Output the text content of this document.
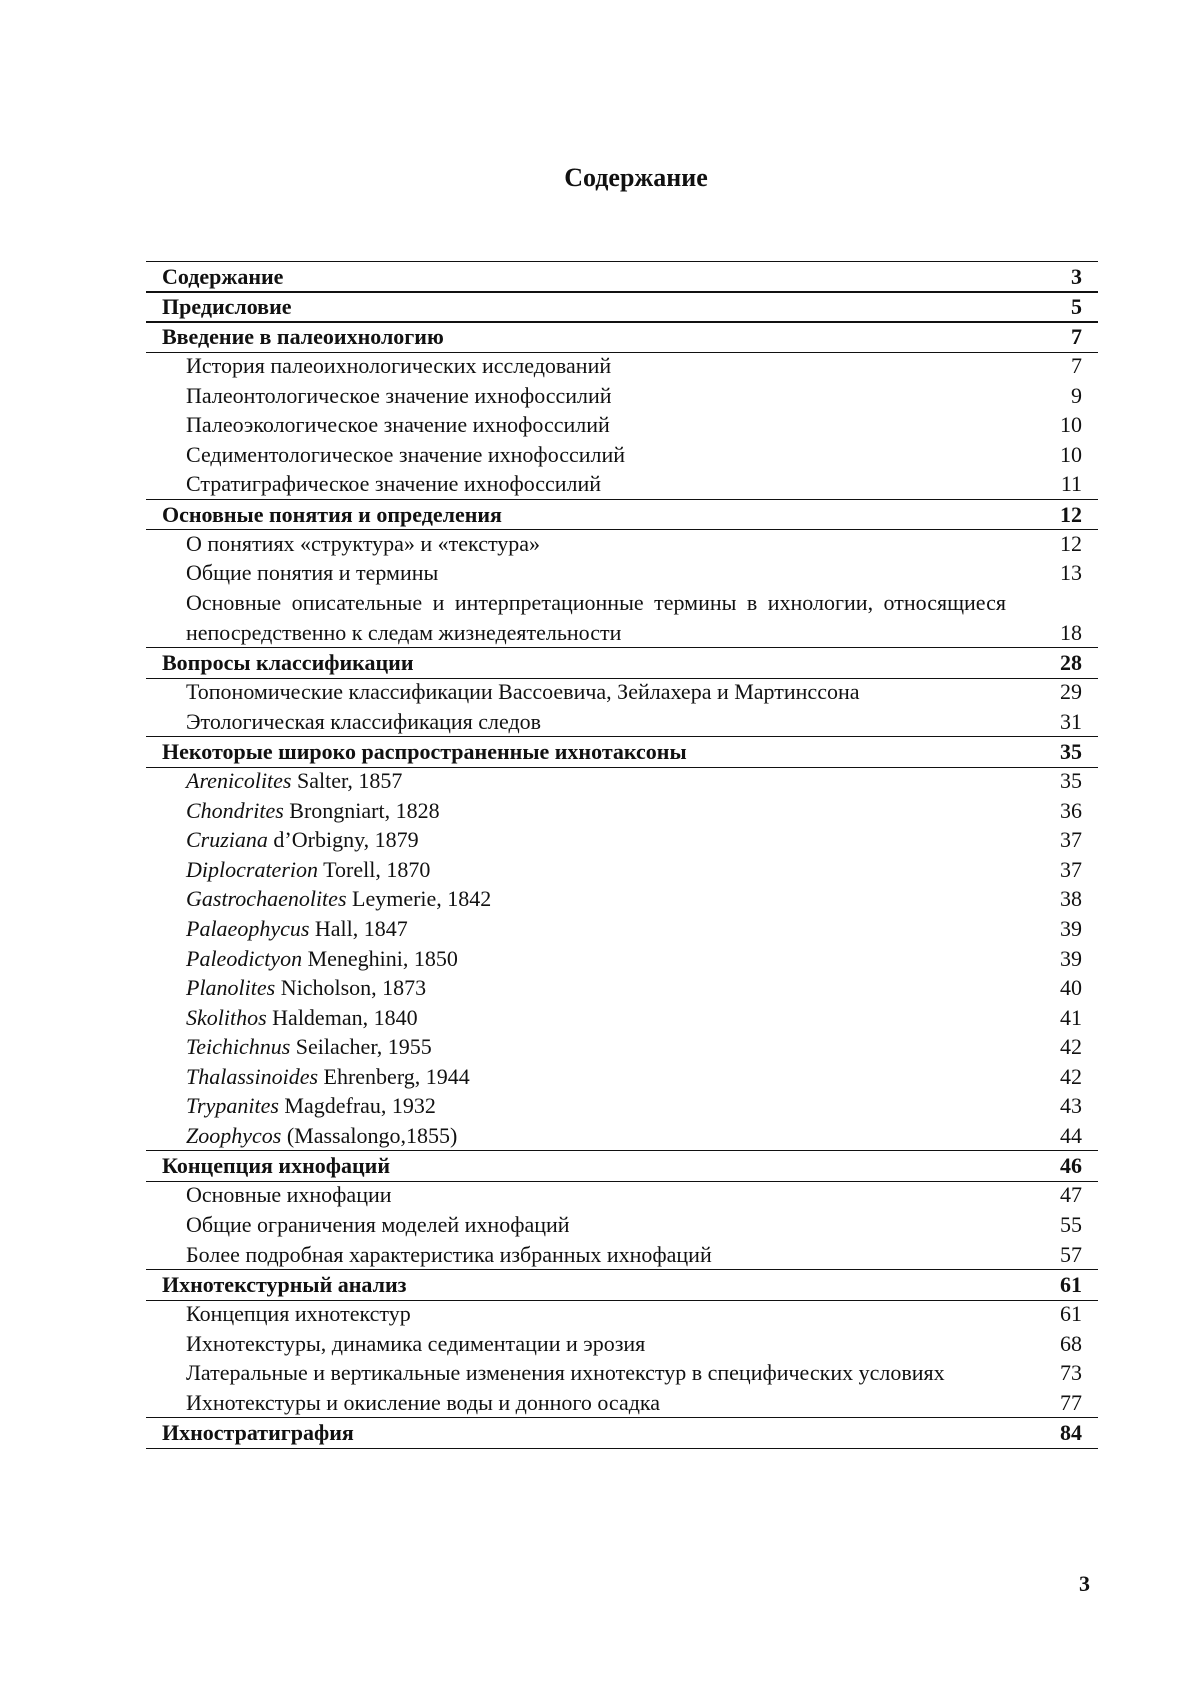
Содержание
Содержание	3
Предисловие	5
Введение в палеоихнологию	7
История палеоихнологических исследований	7
Палеонтологическое значение ихнофоссилий	9
Палеоэкологическое значение ихнофоссилий	10
Седиментологическое значение ихнофоссилий	10
Стратиграфическое значение ихнофоссилий	11
Основные понятия и определения	12
О понятиях «структура» и «текстура»	12
Общие понятия и термины	13
Основные описательные и интерпретационные термины в ихнологии, относящиеся непосредственно к следам жизнедеятельности	18
Вопросы классификации	28
Топономические классификации Вассоевича, Зейлахера и Мартинссона	29
Этологическая классификация следов	31
Некоторые широко распространенные ихнотаксоны	35
Arenicolites Salter, 1857	35
Chondrites Brongniart, 1828	36
Cruziana d’Orbigny, 1879	37
Diplocraterion Torell, 1870	37
Gastrochaenolites Leymerie, 1842	38
Palaeophycus Hall, 1847	39
Paleodictyon Meneghini, 1850	39
Planolites Nicholson, 1873	40
Skolithos Haldeman, 1840	41
Teichichnus Seilacher, 1955	42
Thalassinoides Ehrenberg, 1944	42
Trypanites Magdefrau, 1932	43
Zoophycos (Massalongo,1855)	44
Концепция ихнофаций	46
Основные ихнофации	47
Общие ограничения моделей ихнофаций	55
Более подробная характеристика избранных ихнофаций	57
Ихнотекстурный анализ	61
Концепция ихнотекстур	61
Ихнотекстуры, динамика седиментации и эрозия	68
Латеральные и вертикальные изменения ихнотекстур в специфических условиях	73
Ихнотекстуры и окисление воды и донного осадка	77
Ихностратиграфия	84
3
